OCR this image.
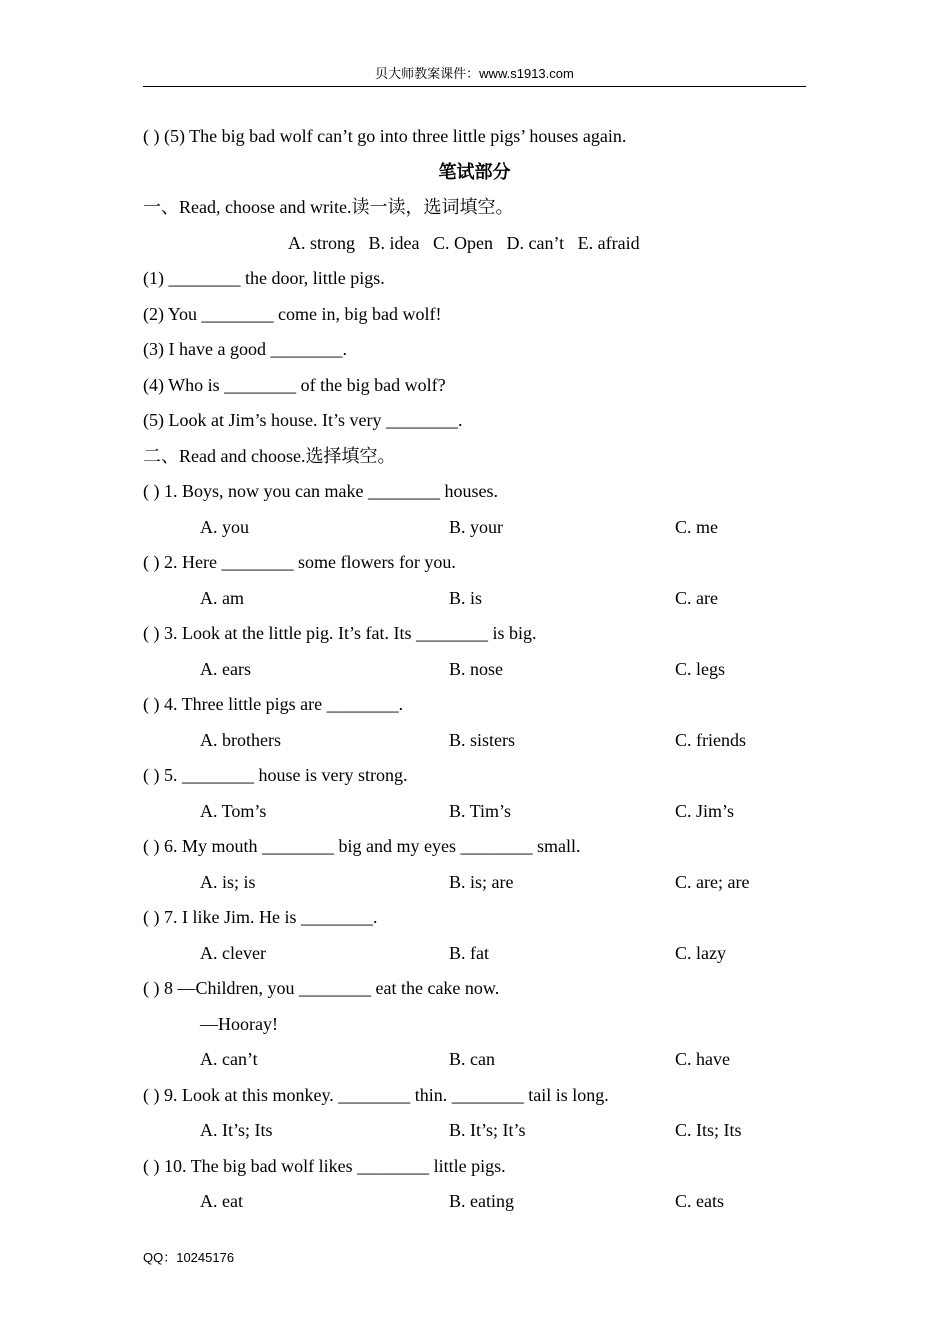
贝大师教案课件：www.s1913.com
( ) (5) The big bad wolf can’t go into three little pigs’ houses again.
笔试部分
一、Read, choose and write.读一读，选词填空。
A. strong   B. idea   C. Open   D. can’t   E. afraid
(1) ________ the door, little pigs.
(2) You ________ come in, big bad wolf!
(3) I have a good ________.
(4) Who is ________ of the big bad wolf?
(5) Look at Jim’s house. It’s very ________.
二、Read and choose.选择填空。
( ) 1. Boys, now you can make ________ houses.
A. you	B. your	C. me
( ) 2. Here ________ some flowers for you.
A. am	B. is	C. are
( ) 3. Look at the little pig. It’s fat. Its ________ is big.
A. ears	B. nose	C. legs
( ) 4. Three little pigs are ________.
A. brothers	B. sisters	C. friends
( ) 5. ________ house is very strong.
A. Tom’s	B. Tim’s	C. Jim’s
( ) 6. My mouth ________ big and my eyes ________ small.
A. is; is	B. is; are	C. are; are
( ) 7. I like Jim. He is ________.
A. clever	B. fat	C. lazy
( ) 8 —Children, you ________ eat the cake now.
—Hooray!
A. can’t	B. can	C. have
( ) 9. Look at this monkey. ________ thin. ________ tail is long.
A. It’s; Its	B. It’s; It’s	C. Its; Its
( ) 10. The big bad wolf likes ________ little pigs.
A. eat	B. eating	C. eats
QQ：10245176
